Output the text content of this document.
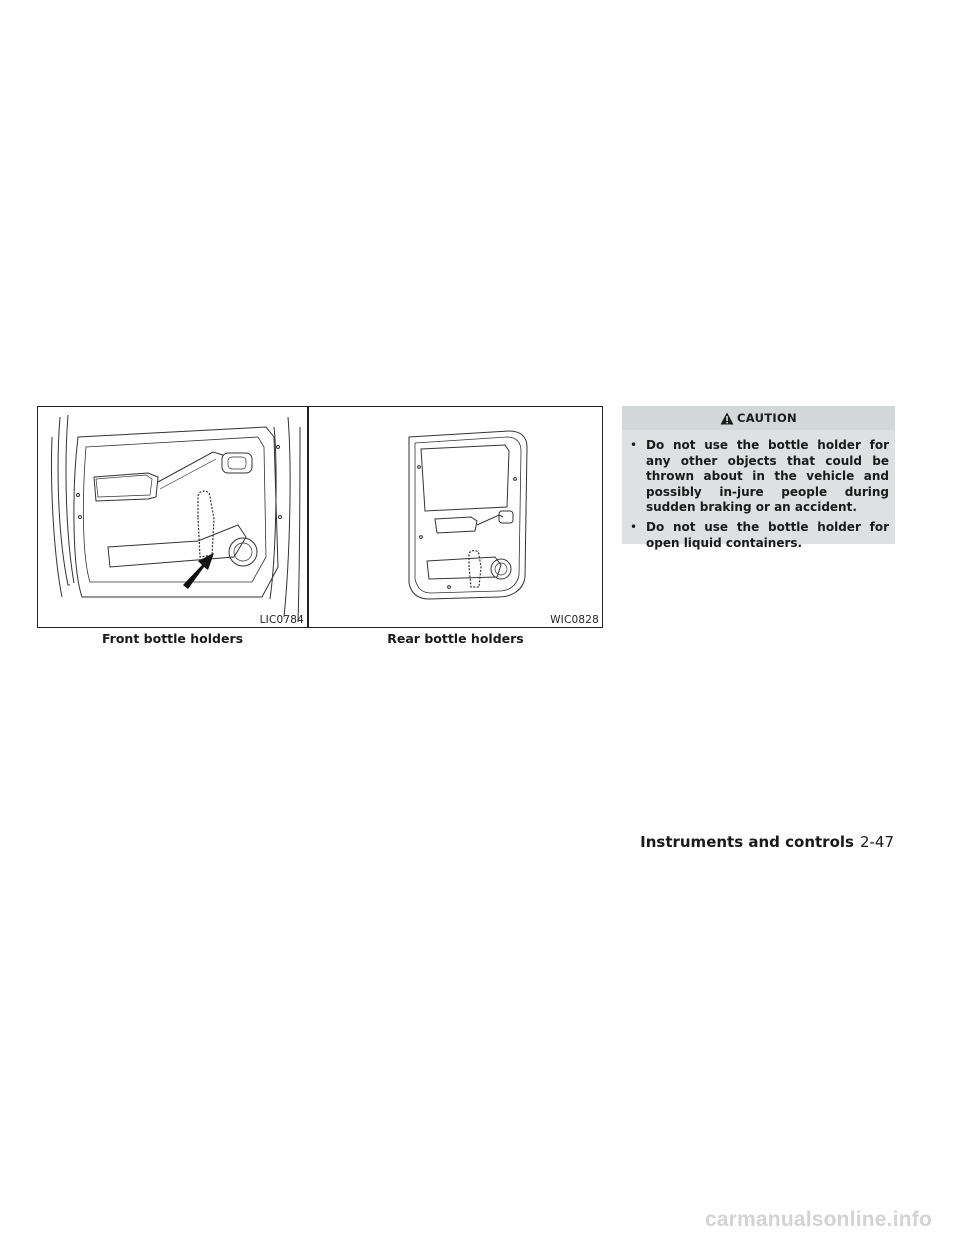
LIC0784
Front bottle holders
WIC0828
Rear bottle holders
CAUTION
• Do not use the bottle holder for any other objects that could be thrown about in the vehicle and possibly in-jure people during sudden braking or an accident.
• Do not use the bottle holder for open liquid containers.
Instruments and controls 2-47
carmanualsonline.info
